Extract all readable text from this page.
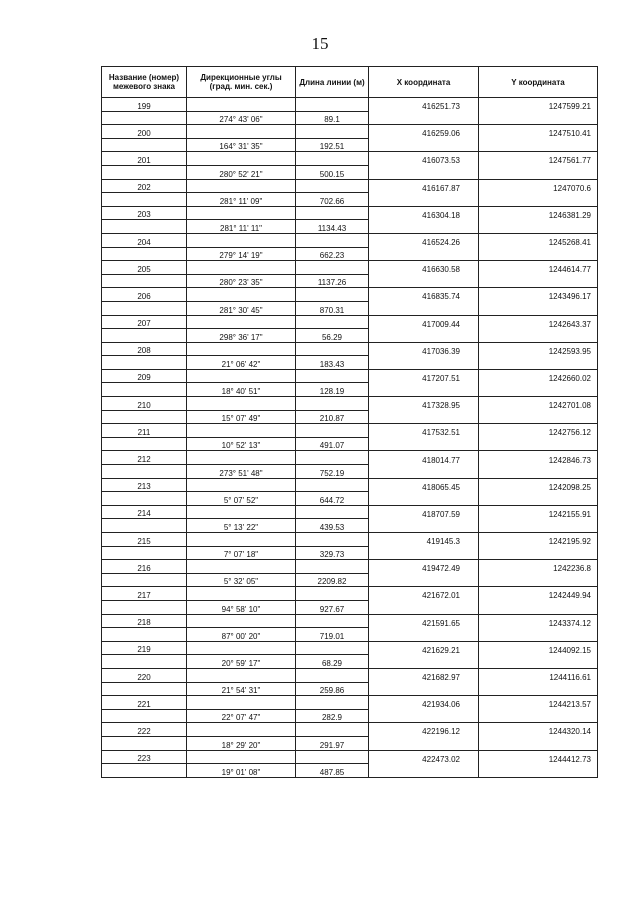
15
Название (номер) межевого знака	Дирекционные углы (град. мин. сек.)	Длина линии (м)	X координата	Y координата
199			416251.73	1247599.21
	274° 43' 06"	89.1		
200			416259.06	1247510.41
	164° 31' 35"	192.51		
201			416073.53	1247561.77
	280° 52' 21"	500.15		
202			416167.87	1247070.6
	281° 11' 09"	702.66		
203			416304.18	1246381.29
	281° 11' 11"	1134.43		
204			416524.26	1245268.41
	279° 14' 19"	662.23		
205			416630.58	1244614.77
	280° 23' 35"	1137.26		
206			416835.74	1243496.17
	281° 30' 45"	870.31		
207			417009.44	1242643.37
	298° 36' 17"	56.29		
208			417036.39	1242593.95
	21° 06' 42"	183.43		
209			417207.51	1242660.02
	18° 40' 51"	128.19		
210			417328.95	1242701.08
	15° 07' 49"	210.87		
211			417532.51	1242756.12
	10° 52' 13"	491.07		
212			418014.77	1242846.73
	273° 51' 48"	752.19		
213			418065.45	1242098.25
	5° 07' 52"	644.72		
214			418707.59	1242155.91
	5° 13' 22"	439.53		
215			419145.3	1242195.92
	7° 07' 18"	329.73		
216			419472.49	1242236.8
	5° 32' 05"	2209.82		
217			421672.01	1242449.94
	94° 58' 10"	927.67		
218			421591.65	1243374.12
	87° 00' 20"	719.01		
219			421629.21	1244092.15
	20° 59' 17"	68.29		
220			421682.97	1244116.61
	21° 54' 31"	259.86		
221			421934.06	1244213.57
	22° 07' 47"	282.9		
222			422196.12	1244320.14
	18° 29' 20"	291.97		
223			422473.02	1244412.73
	19° 01' 08"	487.85		
